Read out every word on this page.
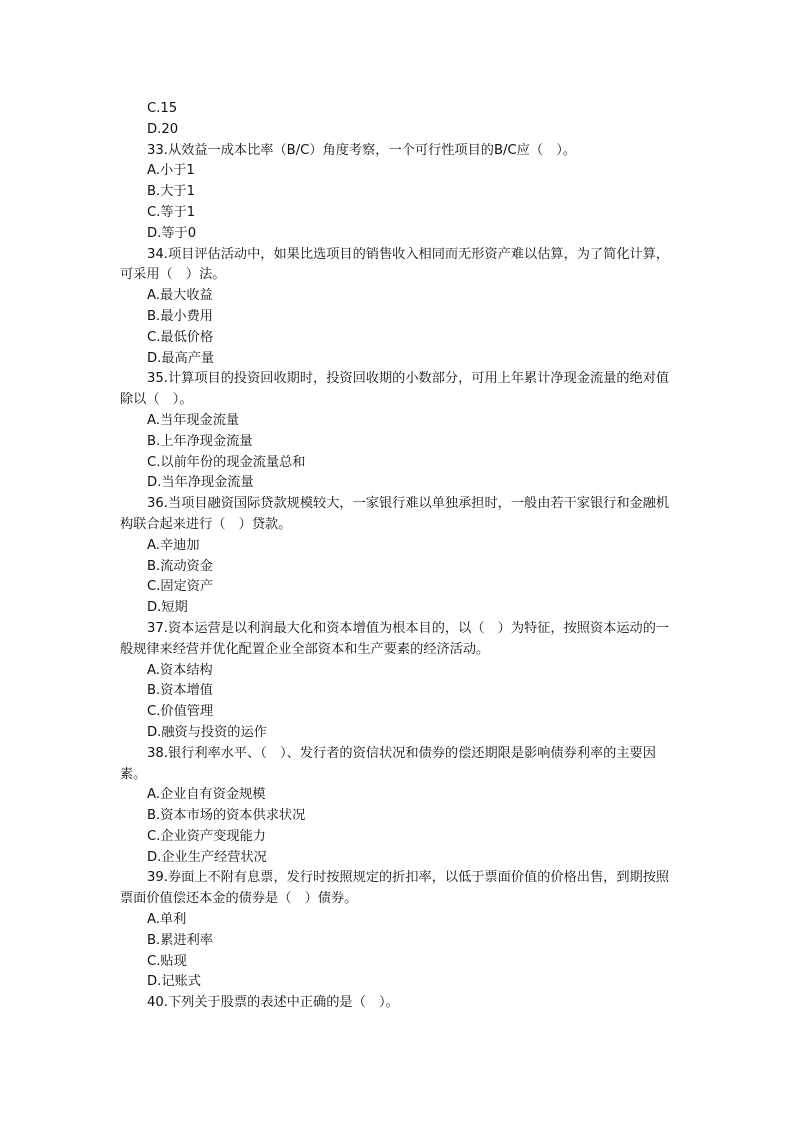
C.15

D.20

33.从效益一成本比率（B/C）角度考察，一个可行性项目的B/C应（　）。

A.小于1

B.大于1

C.等于1

D.等于0

34.项目评估活动中，如果比选项目的销售收入相同而无形资产难以估算，为了简化计算，可采用（　）法。

A.最大收益

B.最小费用

C.最低价格

D.最高产量

35.计算项目的投资回收期时，投资回收期的小数部分，可用上年累计净现金流量的绝对值除以（　）。

A.当年现金流量

B.上年净现金流量

C.以前年份的现金流量总和

D.当年净现金流量

36.当项目融资国际贷款规模较大，一家银行难以单独承担时，一般由若干家银行和金融机构联合起来进行（　）贷款。

A.辛迪加

B.流动资金

C.固定资产

D.短期

37.资本运营是以利润最大化和资本增值为根本目的，以（　）为特征，按照资本运动的一般规律来经营并优化配置企业全部资本和生产要素的经济活动。

A.资本结构

B.资本增值

C.价值管理

D.融资与投资的运作

38.银行利率水平、（　）、发行者的资信状况和债券的偿还期限是影响债券利率的主要因素。

A.企业自有资金规模

B.资本市场的资本供求状况

C.企业资产变现能力

D.企业生产经营状况

39.券面上不附有息票，发行时按照规定的折扣率，以低于票面价值的价格出售，到期按照票面价值偿还本金的债券是（　）债券。

A.单利

B.累进利率

C.贴现

D.记账式

40.下列关于股票的表述中正确的是（　）。
